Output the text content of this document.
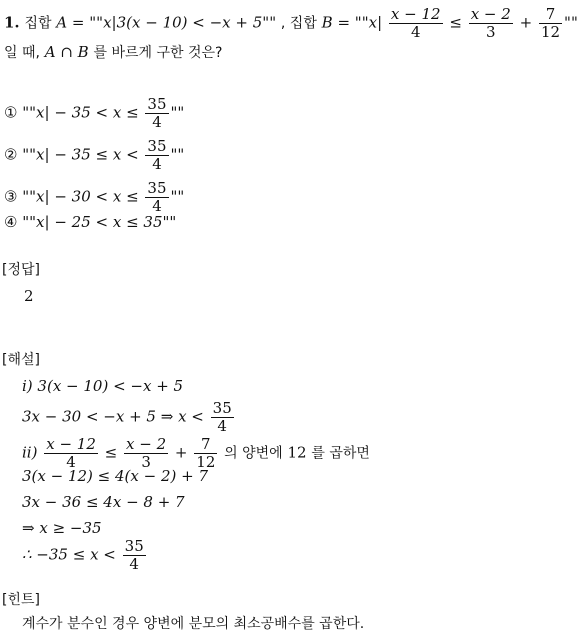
1. 집합 A = ""x|3(x − 10) < −x + 5"" , 집합 B = ""$x| \frac{x - 12}{4} \le \frac{x - 2}{3} + \frac{7}{12}$ ""
일 때, A ∩ B 를 바르게 구한 것은?
① ""$x| - 35 < x \le \frac{35}{4}$ ""
② ""$x| - 35 \le x < \frac{35}{4}$ ""
③ ""$x| - 30 < x \le \frac{35}{4}$ ""
④ ""x| − 25 < x ≤ 35""
[정답]
2
[해설]
i) 3(x − 10) < −x + 5
3x − 30 < −x + 5 ⇒ $x < \frac{35}{4}$
$ii) \frac{x - 12}{4} \le \frac{x - 2}{3} + \frac{7}{12}$ 의 양변에 12 를 곱하면
3(x − 12) ≤ 4(x − 2) + 7
3x − 36 ≤ 4x − 8 + 7
⇒ x ≥ −35
∴ $-35 \le x < \frac{35}{4}$
[힌트]
계수가 분수인 경우 양변에 분모의 최소공배수를 곱한다.
